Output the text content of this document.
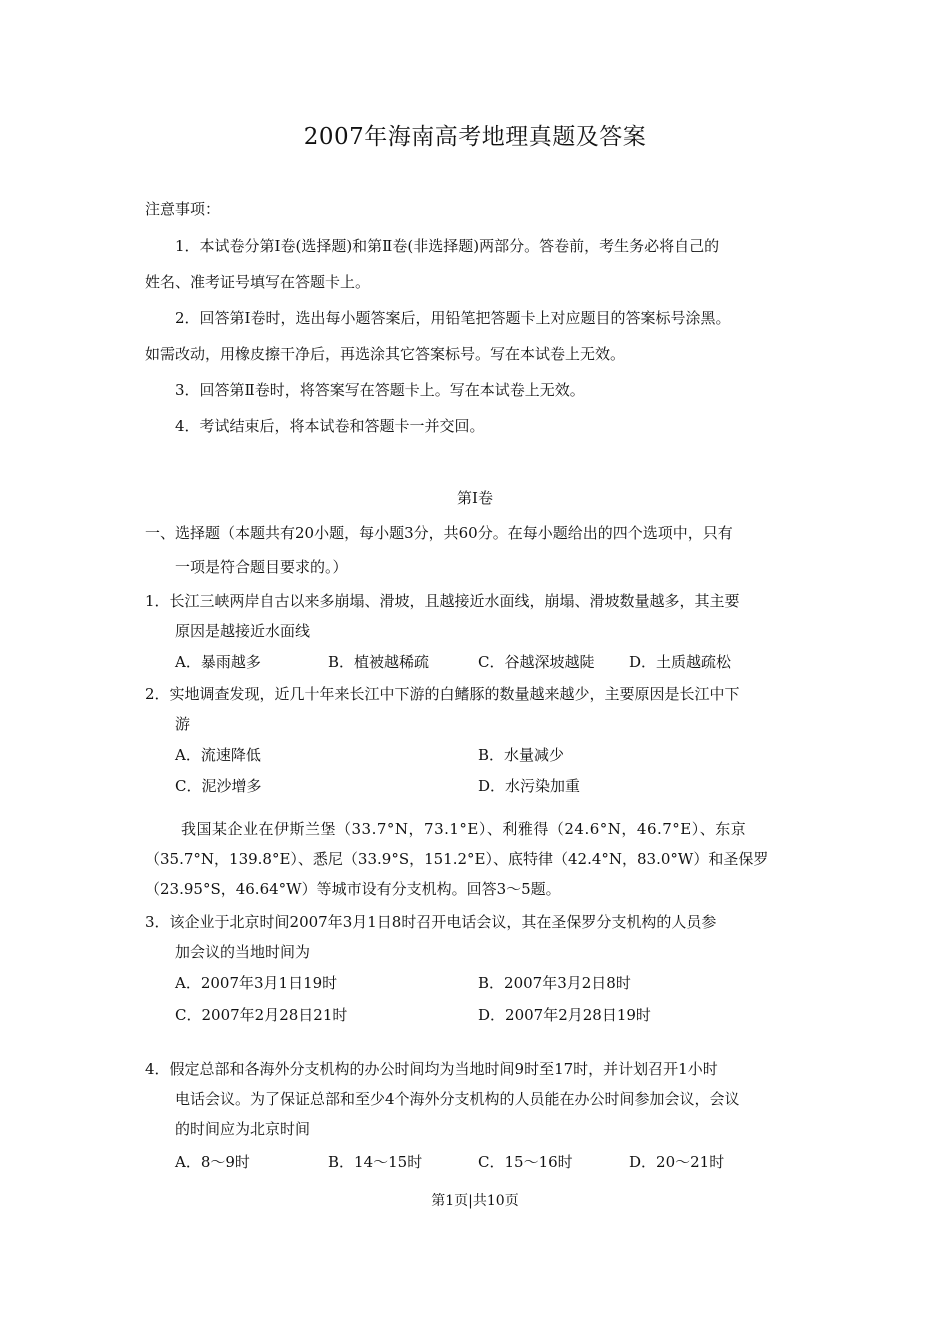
2007年海南高考地理真题及答案
注意事项：
1．本试卷分第Ⅰ卷(选择题)和第Ⅱ卷(非选择题)两部分。答卷前，考生务必将自己的
姓名、准考证号填写在答题卡上。
2．回答第Ⅰ卷时，选出每小题答案后，用铅笔把答题卡上对应题目的答案标号涂黑。
如需改动，用橡皮擦干净后，再选涂其它答案标号。写在本试卷上无效。
3．回答第Ⅱ卷时，将答案写在答题卡上。写在本试卷上无效。
4．考试结束后，将本试卷和答题卡一并交回。
第Ⅰ卷
一、选择题（本题共有20小题，每小题3分，共60分。在每小题给出的四个选项中，只有
一项是符合题目要求的。）
1．长江三峡两岸自古以来多崩塌、滑坡，且越接近水面线，崩塌、滑坡数量越多，其主要
原因是越接近水面线
A．暴雨越多	B．植被越稀疏	C．谷越深坡越陡 D．土质越疏松
2．实地调查发现，近几十年来长江中下游的白鳍豚的数量越来越少，主要原因是长江中下
游
A．流速降低	B．水量减少
C．泥沙增多	D．水污染加重
我国某企业在伊斯兰堡（33.7°N，73.1°E）、利雅得（24.6°N，46.7°E）、东京
（35.7°N，139.8°E）、悉尼（33.9°S，151.2°E）、底特律（42.4°N，83.0°W）和圣保罗
（23.95°S，46.64°W）等城市设有分支机构。回答3～5题。
3．该企业于北京时间2007年3月1日8时召开电话会议，其在圣保罗分支机构的人员参
加会议的当地时间为
A．2007年3月1日19时	B．2007年3月2日8时
C．2007年2月28日21时	D．2007年2月28日19时
4．假定总部和各海外分支机构的办公时间均为当地时间9时至17时，并计划召开1小时
电话会议。为了保证总部和至少4个海外分支机构的人员能在办公时间参加会议，会议
的时间应为北京时间
A．8～9时	B．14～15时	C．15～16时	D．20～21时
第1页|共10页
